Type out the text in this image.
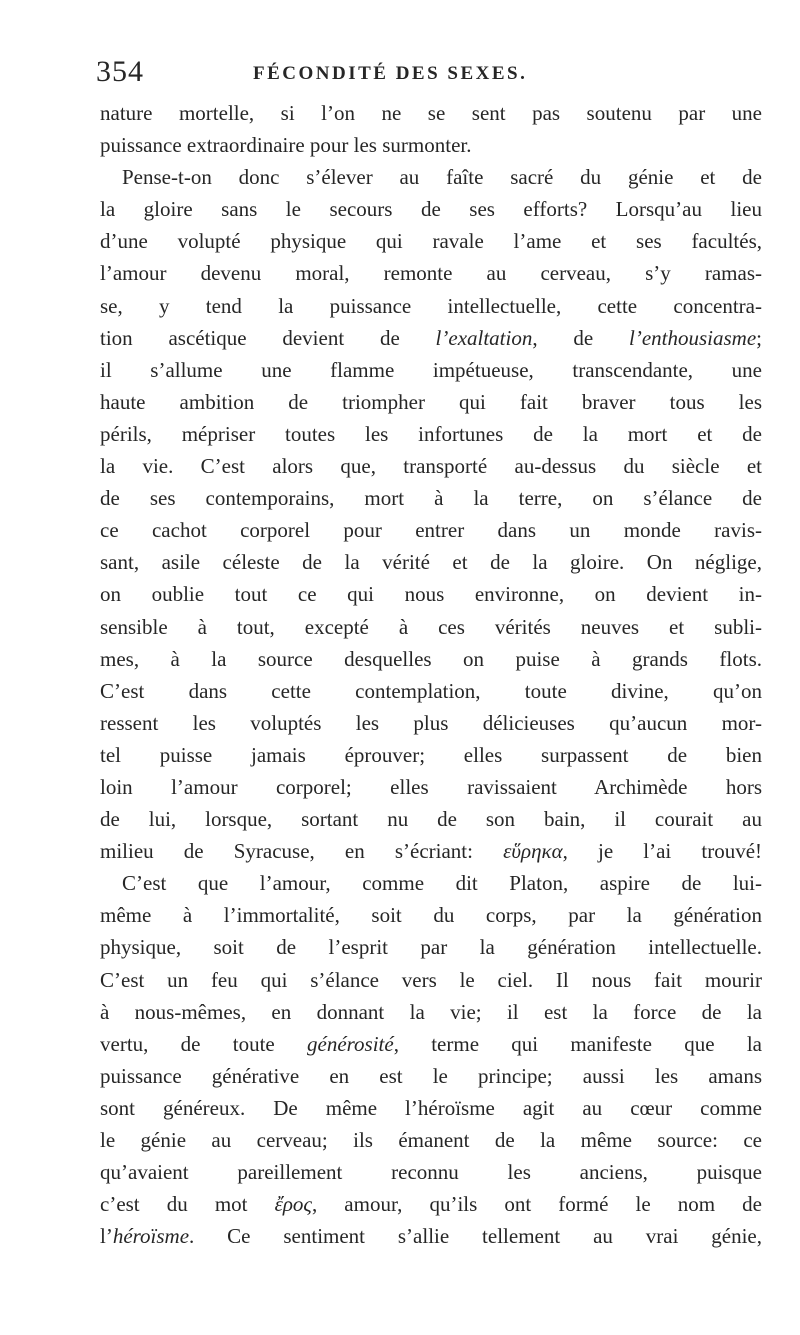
354	FÉCONDITÉ DES SEXES.
nature mortelle, si l’on ne se sent pas soutenu par une
puissance extraordinaire pour les surmonter.
Pense-t-on donc s’élever au faîte sacré du génie et de
la gloire sans le secours de ses efforts? Lorsqu’au lieu
d’une volupté physique qui ravale l’ame et ses facultés,
l’amour devenu moral, remonte au cerveau, s’y ramas-
se, y tend la puissance intellectuelle, cette concentra-
tion ascétique devient de l’exaltation, de l’enthousiasme;
il s’allume une flamme impétueuse, transcendante, une
haute ambition de triompher qui fait braver tous les
périls, mépriser toutes les infortunes de la mort et de
la vie. C’est alors que, transporté au-dessus du siècle et
de ses contemporains, mort à la terre, on s’élance de
ce cachot corporel pour entrer dans un monde ravis-
sant, asile céleste de la vérité et de la gloire. On néglige,
on oublie tout ce qui nous environne, on devient in-
sensible à tout, excepté à ces vérités neuves et subli-
mes, à la source desquelles on puise à grands flots.
C’est dans cette contemplation, toute divine, qu’on
ressent les voluptés les plus délicieuses qu’aucun mor-
tel puisse jamais éprouver; elles surpassent de bien
loin l’amour corporel; elles ravissaient Archimède hors
de lui, lorsque, sortant nu de son bain, il courait au
milieu de Syracuse, en s’écriant: εὕρηκα, je l’ai trouvé!
C’est que l’amour, comme dit Platon, aspire de lui-
même à l’immortalité, soit du corps, par la génération
physique, soit de l’esprit par la génération intellectuelle.
C’est un feu qui s’élance vers le ciel. Il nous fait mourir
à nous-mêmes, en donnant la vie; il est la force de la
vertu, de toute générosité, terme qui manifeste que la
puissance générative en est le principe; aussi les amans
sont généreux. De même l’héroïsme agit au cœur comme
le génie au cerveau; ils émanent de la même source: ce
qu’avaient pareillement reconnu les anciens, puisque
c’est du mot ἔρος, amour, qu’ils ont formé le nom de
l’héroïsme. Ce sentiment s’allie tellement au vrai génie,
